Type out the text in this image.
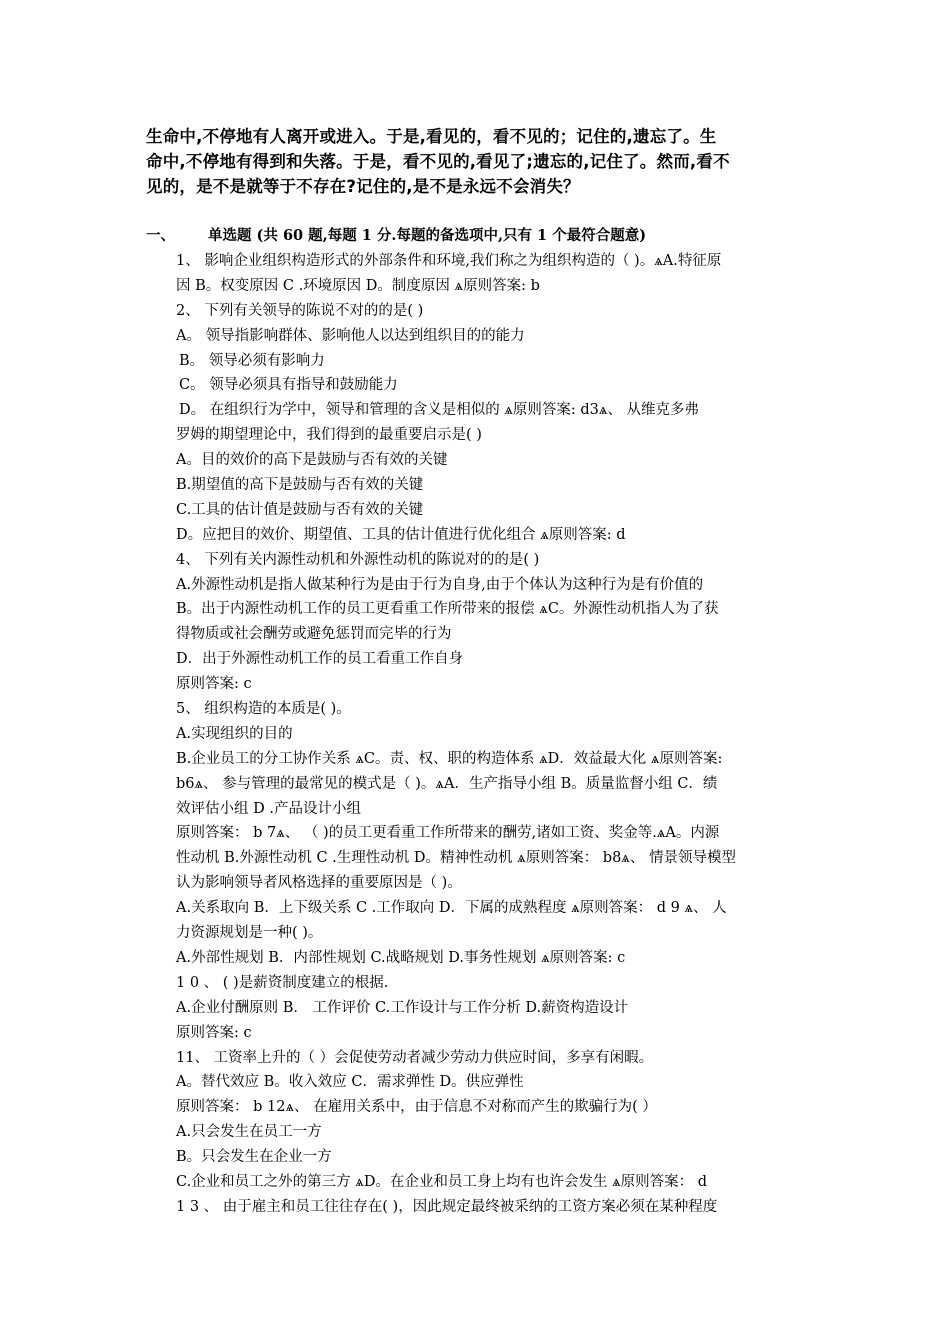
生命中,不停地有人离开或进入。于是,看见的，看不见的；记住的,遗忘了。生

命中,不停地有得到和失落。于是，看不见的,看见了;遗忘的,记住了。然而,看不

见的，是不是就等于不存在?记住的,是不是永远不会消失？

一、 单选题 (共 60 题,每题 1 分.每题的备选项中,只有 1 个最符合题意)
1、 影响企业组织构造形式的外部条件和环境,我们称之为组织构造的（ )。ѧA.特征原
因 B。权变原因 C .环境原因 D。制度原因 ѧ原则答案: b
2、 下列有关领导的陈说不对的的是( )
A。 领导指影响群体、影响他人以达到组织目的的能力
B。 领导必须有影响力
C。 领导必须具有指导和鼓励能力
D。 在组织行为学中，领导和管理的含义是相似的 ѧ原则答案: d3ѧ、 从维克多弗
罗姆的期望理论中，我们得到的最重要启示是( )
A。目的效价的高下是鼓励与否有效的关键
B.期望值的高下是鼓励与否有效的关键
C.工具的估计值是鼓励与否有效的关键
D。应把目的效价、期望值、工具的估计值进行优化组合 ѧ原则答案: d
4、 下列有关内源性动机和外源性动机的陈说对的的是( )
A.外源性动机是指人做某种行为是由于行为自身,由于个体认为这种行为是有价值的
B。出于内源性动机工作的员工更看重工作所带来的报偿 ѧC。外源性动机指人为了获
得物质或社会酬劳或避免惩罚而完毕的行为
D．出于外源性动机工作的员工看重工作自身
原则答案: c
5、 组织构造的本质是( )。
A.实现组织的目的
B.企业员工的分工协作关系 ѧC。责、权、职的构造体系 ѧD．效益最大化 ѧ原则答案:
b6ѧ、 参与管理的最常见的模式是（ )。ѧA．生产指导小组 B。质量监督小组 C．绩
效评估小组 D .产品设计小组
原则答案： b 7ѧ、 （ )的员工更看重工作所带来的酬劳,诸如工资、奖金等.ѧA。内源
性动机 B.外源性动机 C .生理性动机 D。精神性动机 ѧ原则答案： b8ѧ、 情景领导模型
认为影响领导者风格选择的重要原因是（ )。
A.关系取向 B．上下级关系 C .工作取向 D．下属的成熟程度 ѧ原则答案： d 9 ѧ、 人
力资源规划是一种( )。
A.外部性规划 B．内部性规划 C.战略规划 D.事务性规划 ѧ原则答案: c
1 0 、 ( )是薪资制度建立的根据.
A.企业付酬原则 B． 工作评价 C.工作设计与工作分析 D.薪资构造设计
原则答案: c
11、 工资率上升的（ ）会促使劳动者减少劳动力供应时间，多享有闲暇。
A。替代效应 B。收入效应 C．需求弹性 D。供应弹性
原则答案： b 12ѧ、 在雇用关系中，由于信息不对称而产生的欺骗行为( ）
A.只会发生在员工一方
B。只会发生在企业一方
C.企业和员工之外的第三方 ѧD。在企业和员工身上均有也许会发生 ѧ原则答案： d
1 3 、 由于雇主和员工往往存在( )，因此规定最终被采纳的工资方案必须在某种程度
